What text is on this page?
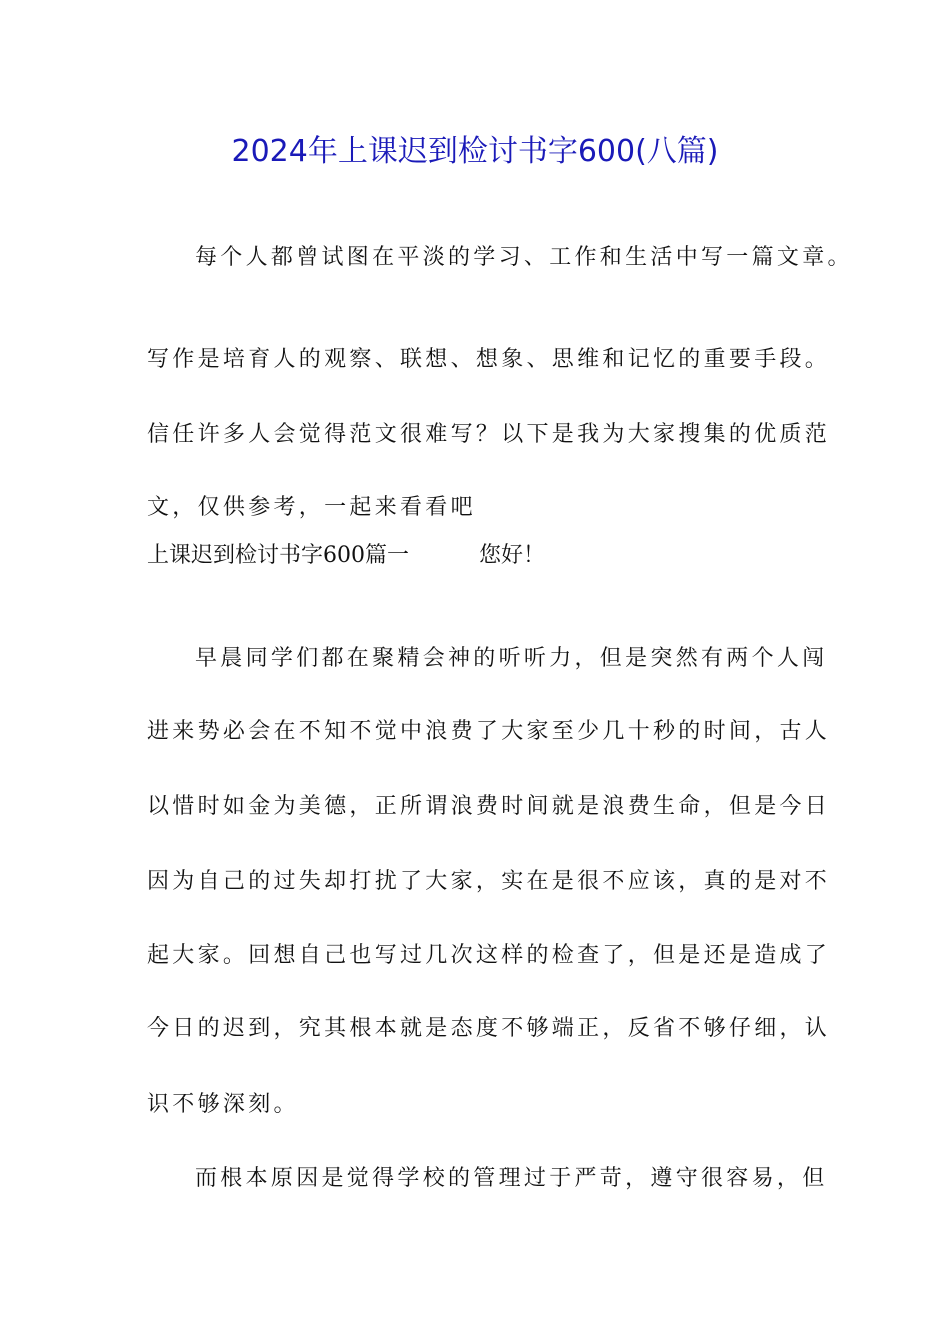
2024年上课迟到检讨书字600(八篇)
每个人都曾试图在平淡的学习、工作和生活中写一篇文章。
写作是培育人的观察、联想、想象、思维和记忆的重要手段。
信任许多人会觉得范文很难写？以下是我为大家搜集的优质范
文，仅供参考，一起来看看吧
上课迟到检讨书字600篇一	您好！
早晨同学们都在聚精会神的听听力，但是突然有两个人闯
进来势必会在不知不觉中浪费了大家至少几十秒的时间，古人
以惜时如金为美德，正所谓浪费时间就是浪费生命，但是今日
因为自己的过失却打扰了大家，实在是很不应该，真的是对不
起大家。回想自己也写过几次这样的检查了，但是还是造成了
今日的迟到，究其根本就是态度不够端正，反省不够仔细，认
识不够深刻。
而根本原因是觉得学校的管理过于严苛，遵守很容易，但
